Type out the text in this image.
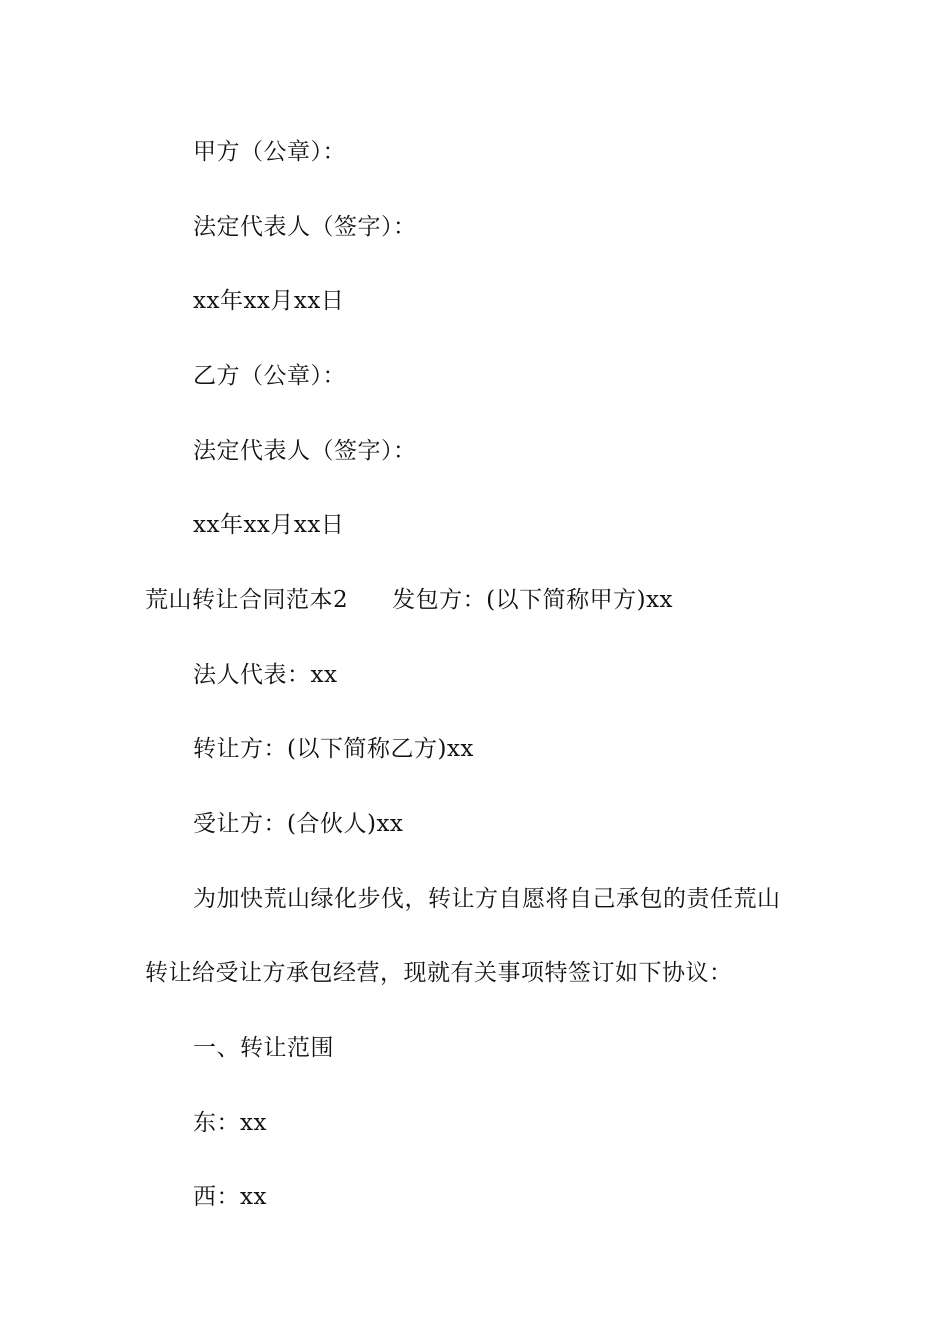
甲方（公章）：
法定代表人（签字）：
xx年xx月xx日
乙方（公章）：
法定代表人（签字）：
xx年xx月xx日
荒山转让合同范本2 发包方：(以下简称甲方)xx
法人代表：xx
转让方：(以下简称乙方)xx
受让方：(合伙人)xx
为加快荒山绿化步伐，转让方自愿将自己承包的责任荒山
转让给受让方承包经营，现就有关事项特签订如下协议：
一、转让范围
东：xx
西：xx
